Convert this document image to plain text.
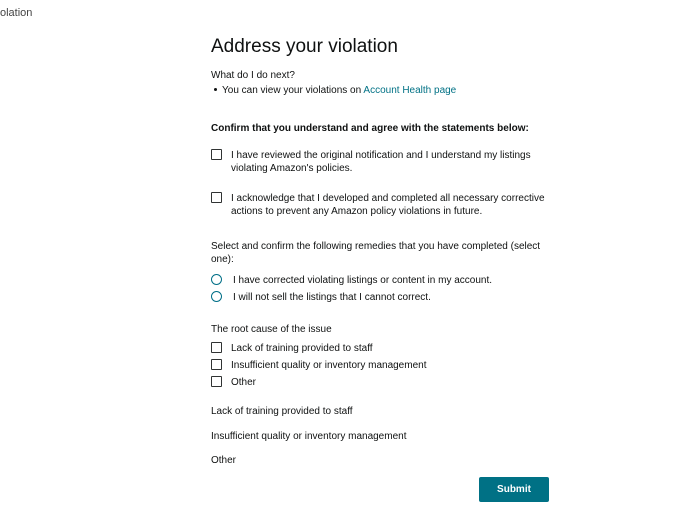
olation
Address your violation
What do I do next?
You can view your violations on Account Health page
Confirm that you understand and agree with the statements below:
I have reviewed the original notification and I understand my listings violating Amazon's policies.
I acknowledge that I developed and completed all necessary corrective actions to prevent any Amazon policy violations in future.
Select and confirm the following remedies that you have completed (select one):
I have corrected violating listings or content in my account.
I will not sell the listings that I cannot correct.
The root cause of the issue
Lack of training provided to staff
Insufficient quality or inventory management
Other
Lack of training provided to staff
Insufficient quality or inventory management
Other
Submit
